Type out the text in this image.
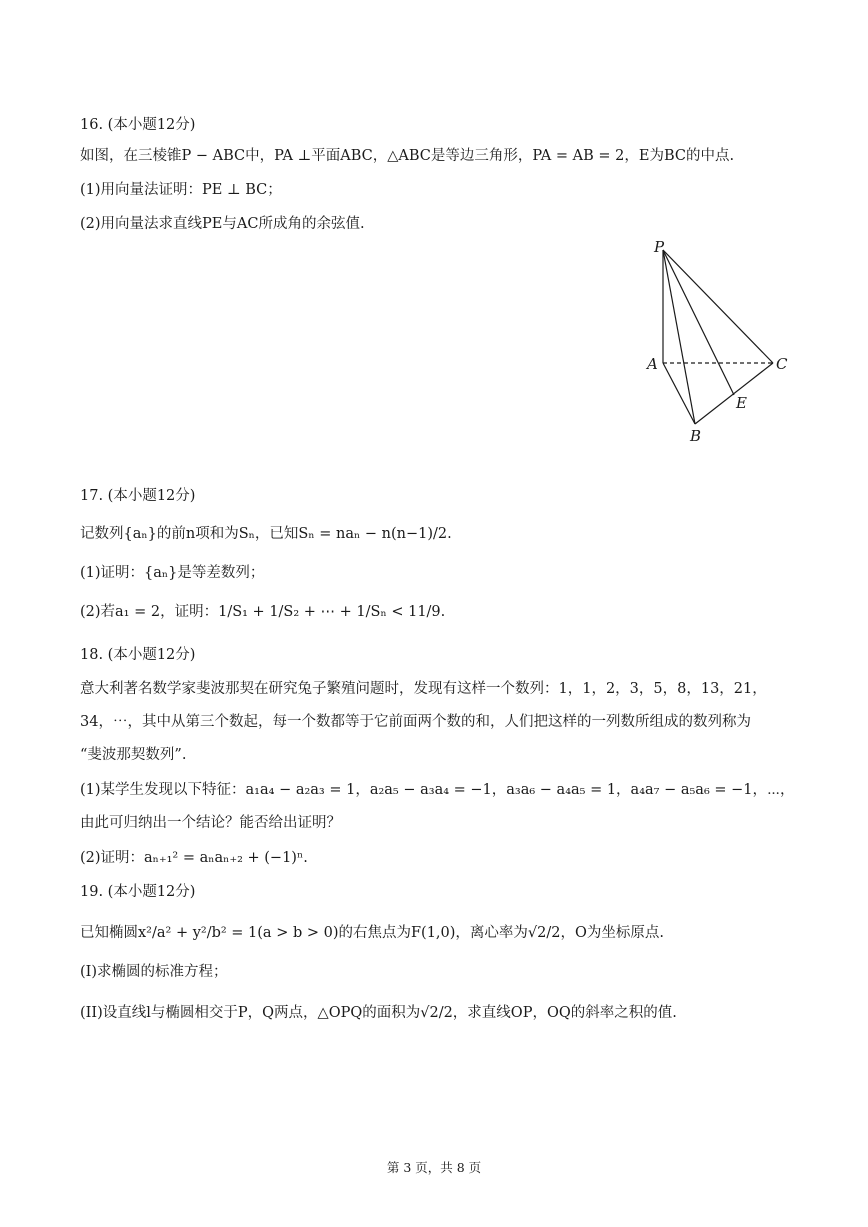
16. (本小题12分)
如图，在三棱锥P − ABC中，PA ⊥平面ABC，△ABC是等边三角形，PA = AB = 2，E为BC的中点.
(1)用向量法证明：PE ⊥ BC；
(2)用向量法求直线PE与AC所成角的余弦值.
P
A	C
E
B
17. (本小题12分)
记数列{aₙ}的前n项和为Sₙ，已知Sₙ = naₙ − n(n−1)/2.
(1)证明：{aₙ}是等差数列；
(2)若a₁ = 2，证明：1/S₁ + 1/S₂ + ⋯ + 1/Sₙ < 11/9.
18. (本小题12分)
意大利著名数学家斐波那契在研究兔子繁殖问题时，发现有这样一个数列：1，1，2，3，5，8，13，21，
34，⋯，其中从第三个数起，每一个数都等于它前面两个数的和，人们把这样的一列数所组成的数列称为
“斐波那契数列”.
(1)某学生发现以下特征：a₁a₄ − a₂a₃ = 1，a₂a₅ − a₃a₄ = −1，a₃a₆ − a₄a₅ = 1，a₄a₇ − a₅a₆ = −1，⋯，
由此可归纳出一个结论？能否给出证明？
(2)证明：aₙ₊₁² = aₙaₙ₊₂ + (−1)ⁿ.
19. (本小题12分)
已知椭圆x²/a² + y²/b² = 1(a > b > 0)的右焦点为F(1,0)，离心率为√2/2，O为坐标原点.
(I)求椭圆的标准方程；
(II)设直线l与椭圆相交于P，Q两点，△OPQ的面积为√2/2，求直线OP，OQ的斜率之积的值.
第 3 页，共 8 页
